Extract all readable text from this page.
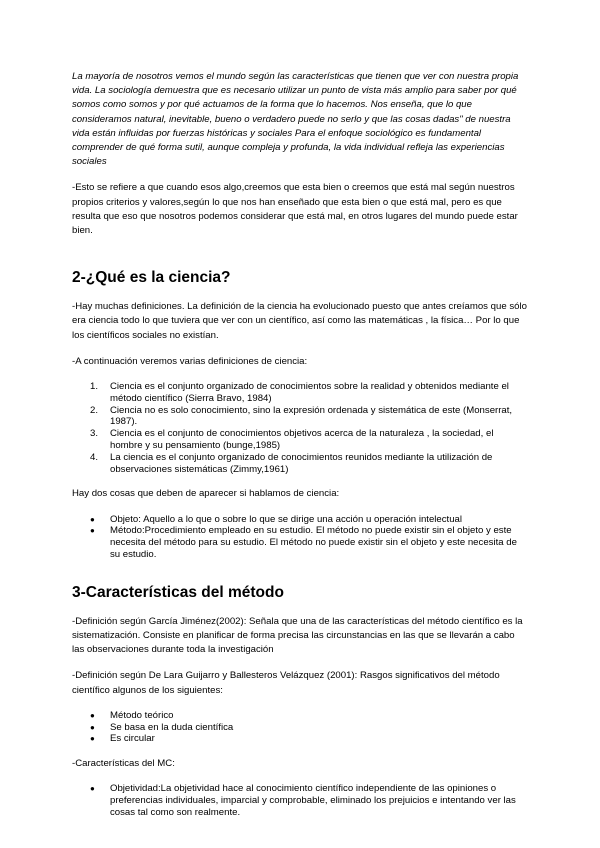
La mayoría de nosotros vemos el mundo según las características que tienen que ver con nuestra propia vida. La sociología demuestra que es necesario utilizar un punto de vista más amplio para saber por qué somos como somos y por qué actuamos de la forma que lo hacemos. Nos enseña, que lo que consideramos natural, inevitable, bueno o verdadero puede no serlo y que las cosas dadas" de nuestra vida están influidas por fuerzas históricas y sociales Para el enfoque sociológico es fundamental comprender de qué forma sutil, aunque compleja y profunda, la vida individual refleja las experiencias sociales

-Esto se refiere a que cuando esos algo,creemos que esta bien o creemos que está mal según nuestros propios criterios y valores,según lo que nos han enseñado que esta bien o que está mal, pero es que resulta que eso que nosotros podemos considerar que está mal, en otros lugares del mundo puede estar bien.

2-¿Qué es la ciencia?

-Hay muchas definiciones. La definición de la ciencia ha evolucionado puesto que antes creíamos que sólo era ciencia todo lo que tuviera que ver con un científico, así como las matemáticas , la física… Por lo que los científicos sociales no existían.

-A continuación veremos varias definiciones de ciencia:

1. Ciencia es el conjunto organizado de conocimientos sobre la realidad y obtenidos mediante el método científico (Sierra Bravo, 1984)
2. Ciencia no es solo conocimiento, sino la expresión ordenada y sistemática de este (Monserrat, 1987).
3. Ciencia es el conjunto de conocimientos objetivos acerca de la naturaleza , la sociedad, el hombre y su pensamiento (bunge,1985)
4. La ciencia es el conjunto organizado de conocimientos reunidos mediante la utilización de observaciones sistemáticas (Zimmy,1961)

Hay dos cosas que deben de aparecer si hablamos de ciencia:

● Objeto: Aquello a lo que o sobre lo que se dirige una acción u operación intelectual
● Método:Procedimiento empleado en su estudio. El método no puede existir sin el objeto y este necesita del método para su estudio. El método no puede existir sin el objeto y este necesita de su estudio.
3-Características del método

-Definición según García Jiménez(2002): Señala que una de las características del método científico es la sistematización. Consiste en planificar de forma precisa las circunstancias en las que se llevarán a cabo las observaciones durante toda la investigación

-Definición según De Lara Guijarro y Ballesteros Velázquez (2001): Rasgos significativos del método científico algunos de los siguientes:

● Método teórico
● Se basa en la duda científica
● Es circular

-Características del MC:

● Objetividad:La objetividad hace al conocimiento científico independiente de las opiniones o preferencias individuales, imparcial y comprobable, eliminado los prejuicios e intentando ver las cosas tal como son realmente.
